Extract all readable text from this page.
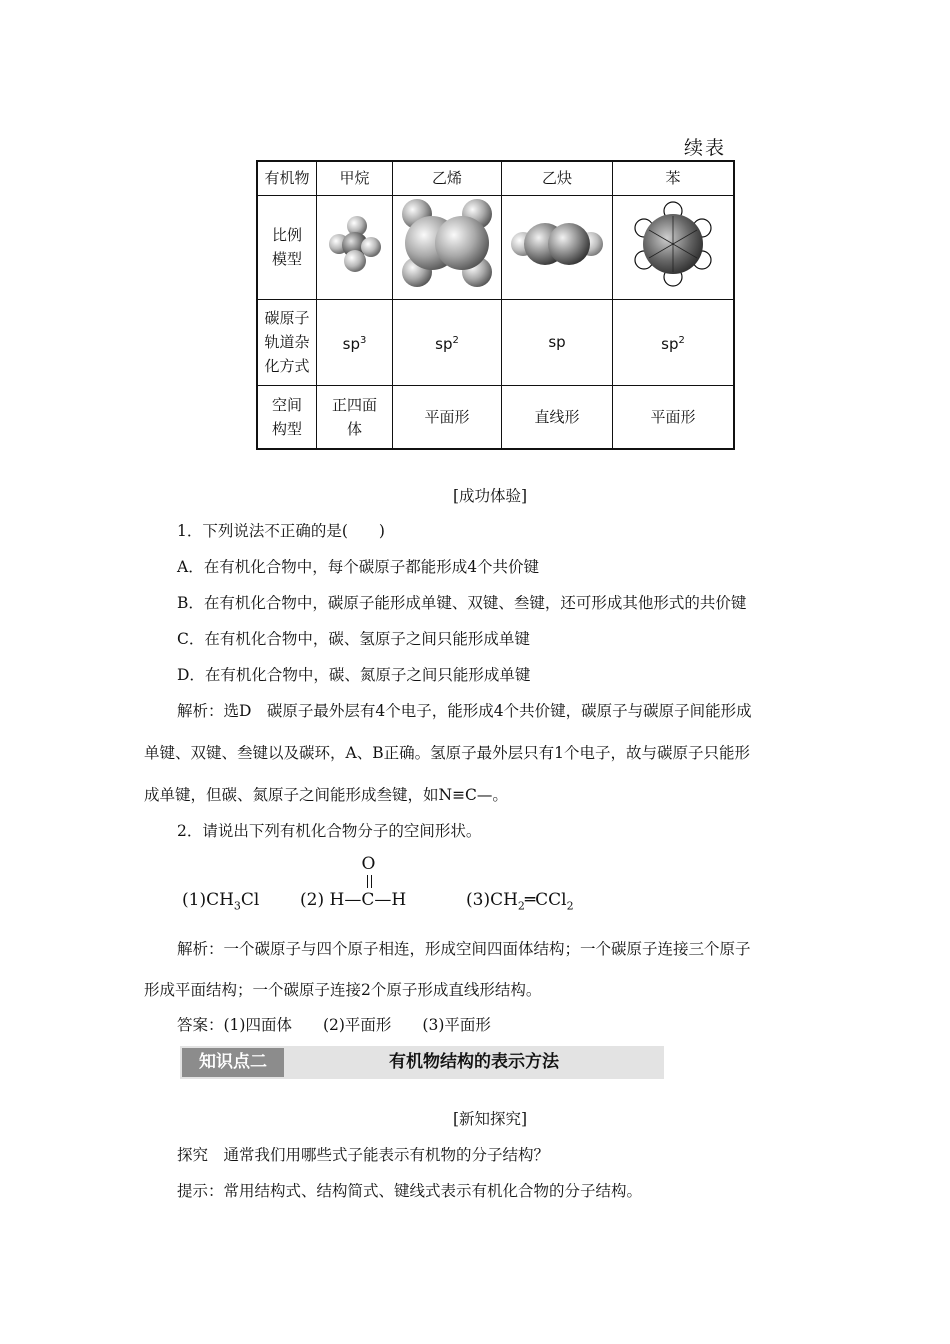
续表
有机物	甲烷	乙烯	乙炔	苯

比例模型

碳原子轨道杂化方式	$sp^3$	$sp^2$	sp	$sp^2$

空间构型	正四面体	平面形	直线形	平面形
[成功体验]
1．下列说法不正确的是(　　)
A．在有机化合物中，每个碳原子都能形成4个共价键
B．在有机化合物中，碳原子能形成单键、双键、叁键，还可形成其他形式的共价键
C．在有机化合物中，碳、氢原子之间只能形成单键
D．在有机化合物中，碳、氮原子之间只能形成单键
解析：选D　碳原子最外层有4个电子，能形成4个共价键，碳原子与碳原子间能形成
单键、双键、叁键以及碳环，A、B正确。氢原子最外层只有1个电子，故与碳原子只能形
成单键，但碳、氮原子之间能形成叁键，如N≡C—。
2．请说出下列有机化合物分子的空间形状。
$(1)CH_3Cl$ (2) H—C—H
O
$(3)CH_2═CCl_2$
解析：一个碳原子与四个原子相连，形成空间四面体结构；一个碳原子连接三个原子
形成平面结构；一个碳原子连接2个原子形成直线形结构。
答案：(1)四面体　　(2)平面形　　(3)平面形
知识点二	有机物结构的表示方法
[新知探究]
探究　通常我们用哪些式子能表示有机物的分子结构？
提示：常用结构式、结构简式、键线式表示有机化合物的分子结构。
